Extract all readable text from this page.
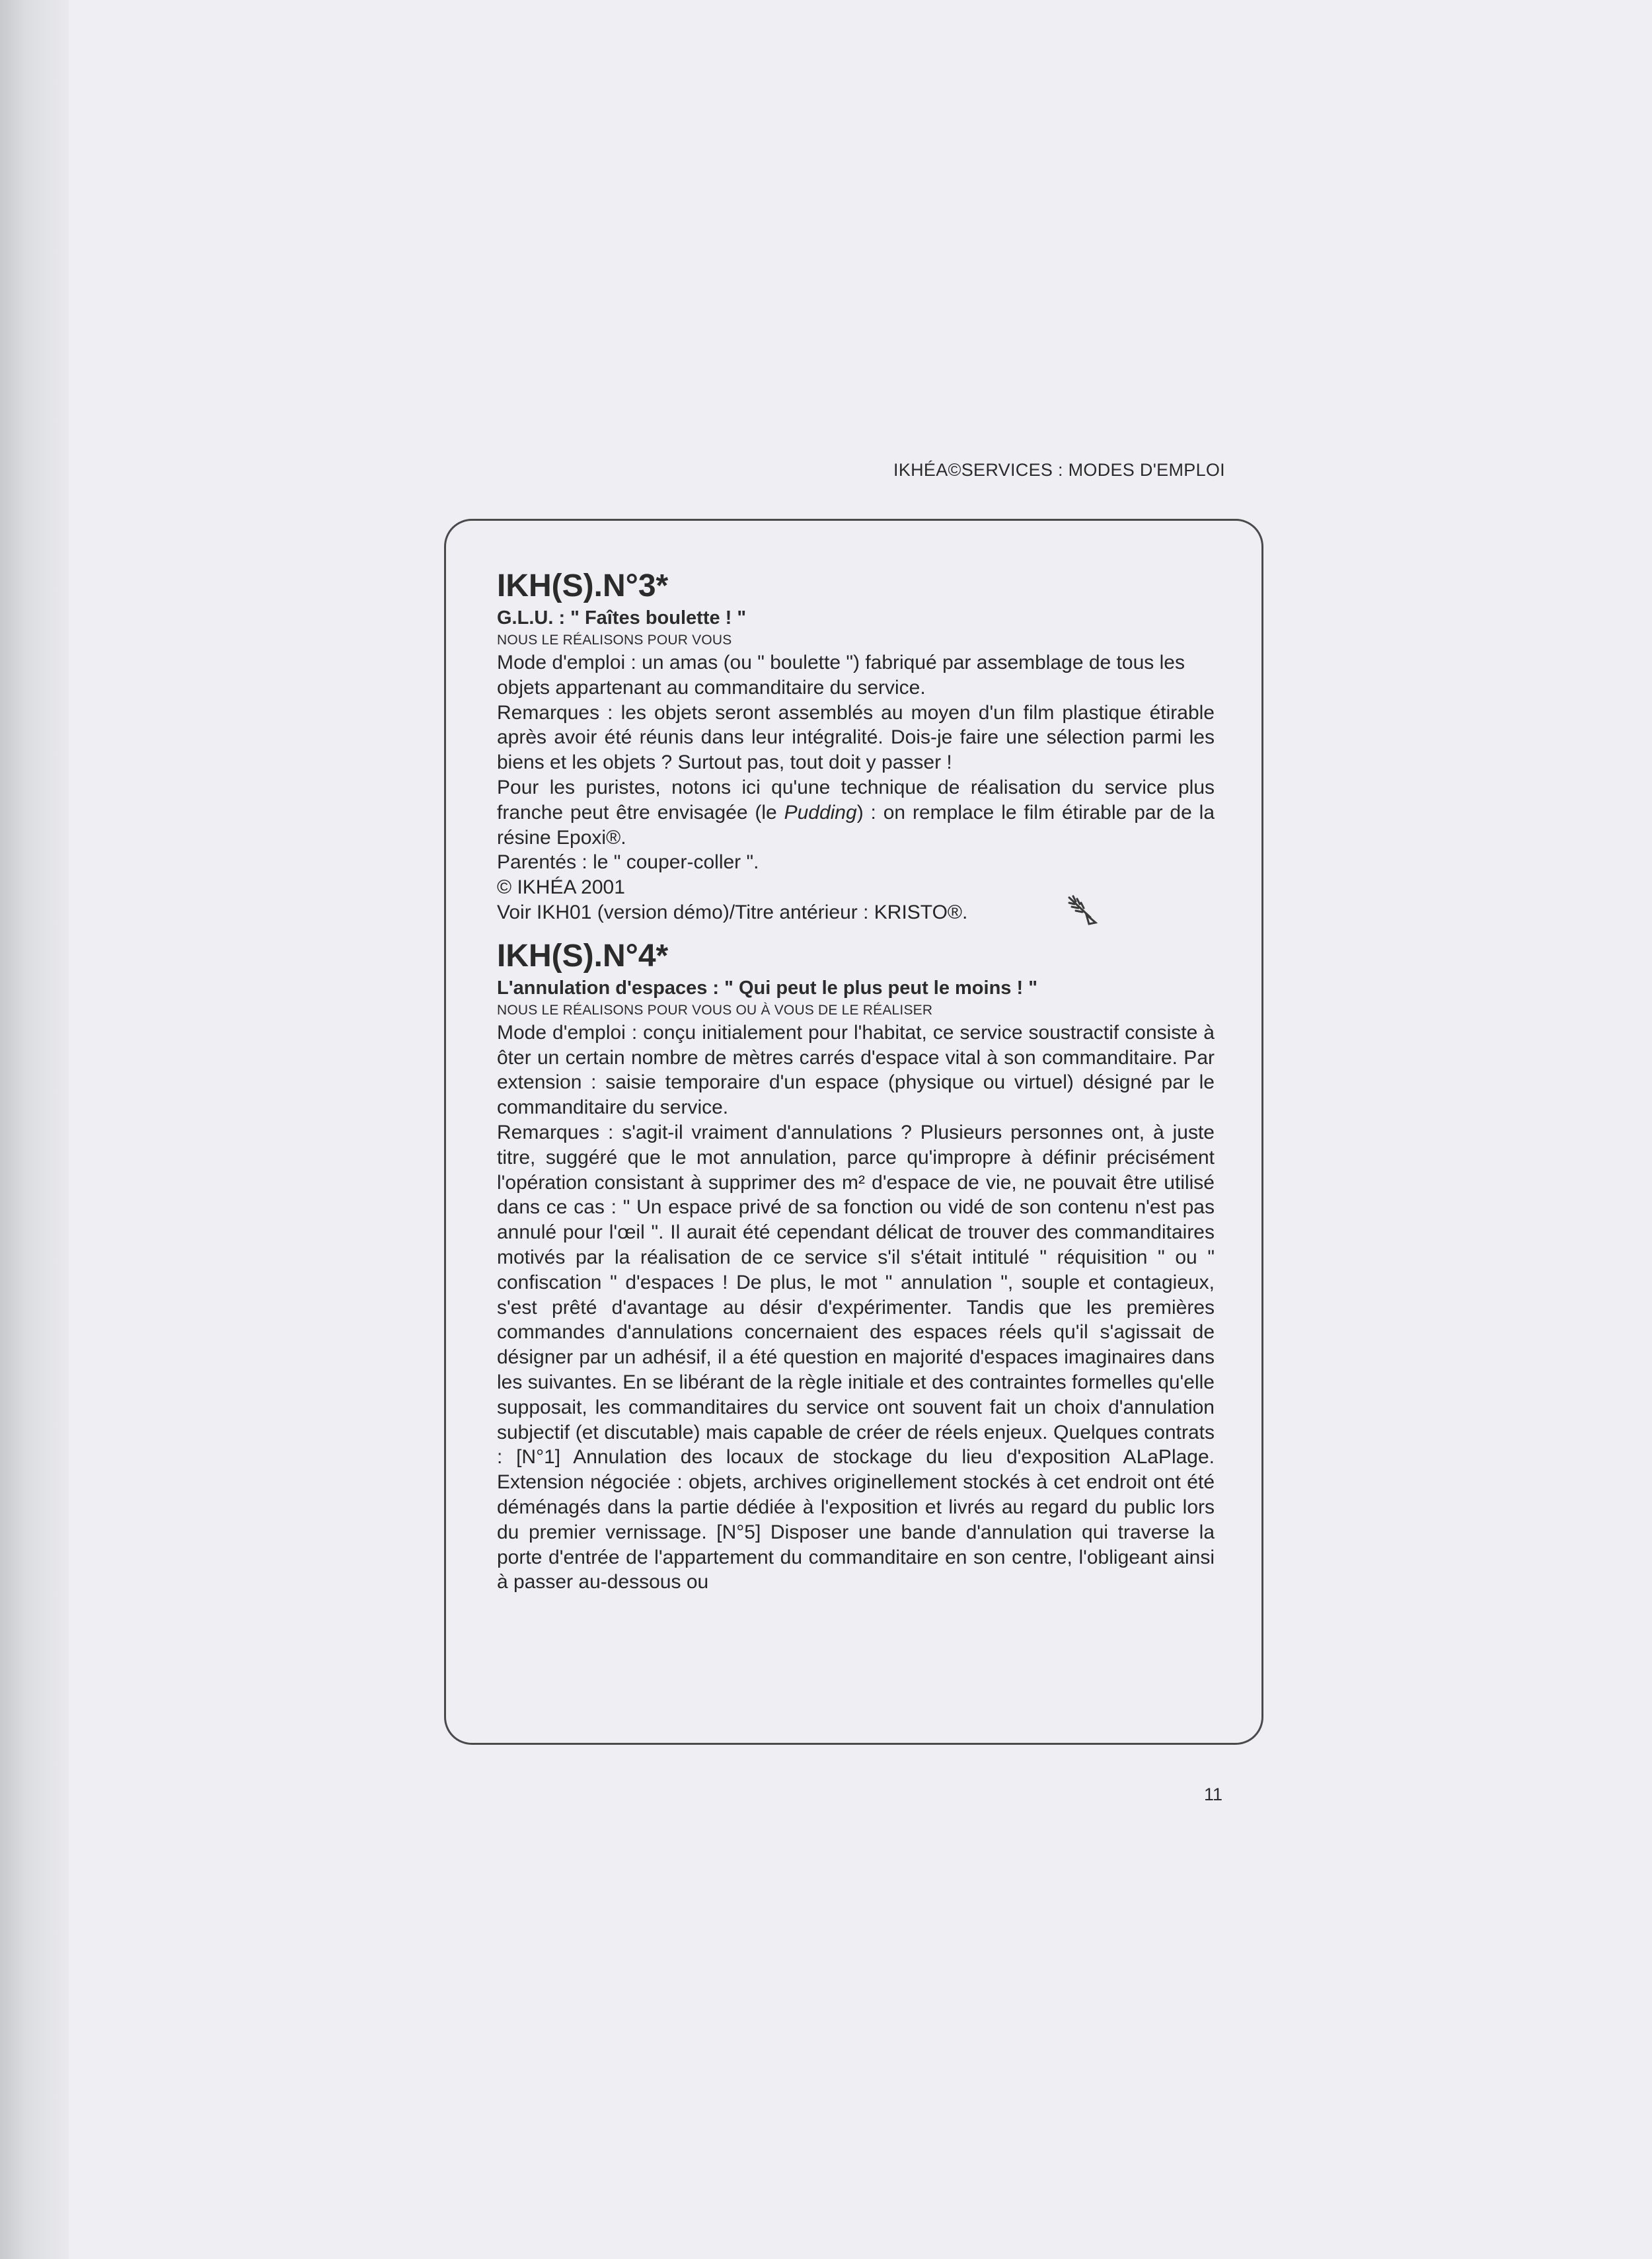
IKHÉA©SERVICES : MODES D'EMPLOI
IKH(S).N°3*
G.L.U. : " Faîtes boulette ! "
NOUS LE RÉALISONS POUR VOUS

Mode d'emploi : un amas (ou " boulette ") fabriqué par assemblage de tous les objets appartenant au commanditaire du service.

Remarques : les objets seront assemblés au moyen d'un film plastique étirable après avoir été réunis dans leur intégralité. Dois-je faire une sélection parmi les biens et les objets ? Surtout pas, tout doit y passer !

Pour les puristes, notons ici qu'une technique de réalisation du service plus franche peut être envisagée (le Pudding) : on remplace le film étirable par de la résine Epoxi®.

Parentés : le " couper-coller ".

© IKHÉA 2001

Voir IKH01 (version démo)/Titre antérieur : KRISTO®.

IKH(S).N°4*
L'annulation d'espaces : " Qui peut le plus peut le moins ! "
NOUS LE RÉALISONS POUR VOUS OU À VOUS DE LE RÉALISER

Mode d'emploi : conçu initialement pour l'habitat, ce service soustractif consiste à ôter un certain nombre de mètres carrés d'espace vital à son commanditaire. Par extension : saisie temporaire d'un espace (physique ou virtuel) désigné par le commanditaire du service.

Remarques : s'agit-il vraiment d'annulations ? Plusieurs personnes ont, à juste titre, suggéré que le mot annulation, parce qu'impropre à définir précisément l'opération consistant à supprimer des m² d'espace de vie, ne pouvait être utilisé dans ce cas : " Un espace privé de sa fonction ou vidé de son contenu n'est pas annulé pour l'œil ". Il aurait été cependant délicat de trouver des commanditaires motivés par la réalisation de ce service s'il s'était intitulé " réquisition " ou " confiscation " d'espaces ! De plus, le mot " annulation ", souple et contagieux, s'est prêté d'avantage au désir d'expérimenter. Tandis que les premières commandes d'annulations concernaient des espaces réels qu'il s'agissait de désigner par un adhésif, il a été question en majorité d'espaces imaginaires dans les suivantes. En se libérant de la règle initiale et des contraintes formelles qu'elle supposait, les commanditaires du service ont souvent fait un choix d'annulation subjectif (et discutable) mais capable de créer de réels enjeux. Quelques contrats : [N°1] Annulation des locaux de stockage du lieu d'exposition ALaPlage. Extension négociée : objets, archives originellement stockés à cet endroit ont été déménagés dans la partie dédiée à l'exposition et livrés au regard du public lors du premier vernissage. [N°5] Disposer une bande d'annulation qui traverse la porte d'entrée de l'appartement du commanditaire en son centre, l'obligeant ainsi à passer au-dessous ou

11
